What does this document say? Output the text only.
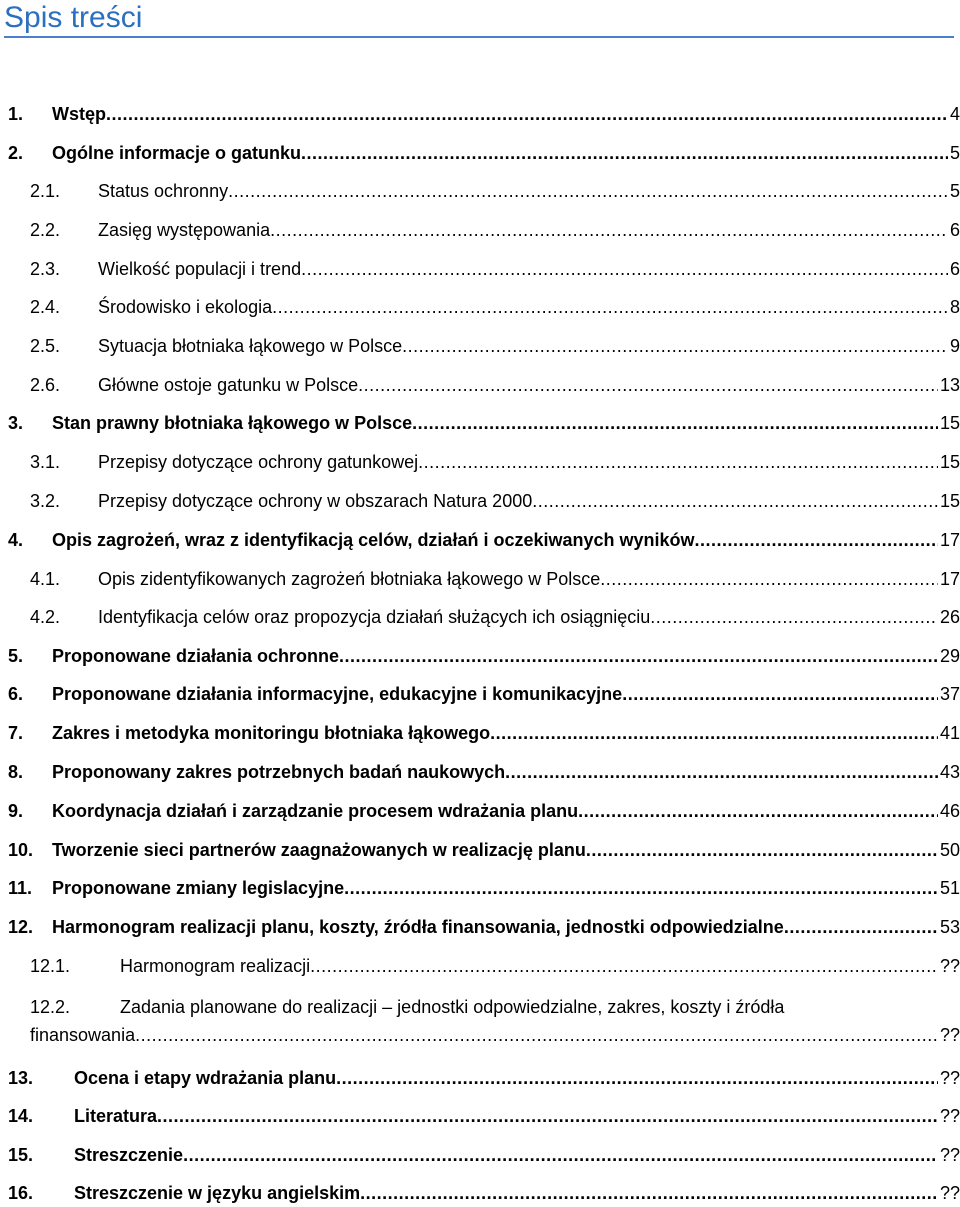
Spis treści
1. Wstęp .....	4
2. Ogólne informacje o gatunku .....	5
2.1. Status ochronny .....	5
2.2. Zasięg występowania .....	6
2.3. Wielkość populacji i trend .....	6
2.4. Środowisko i ekologia .....	8
2.5. Sytuacja błotniaka łąkowego w Polsce .....	9
2.6. Główne ostoje gatunku w Polsce .....	13
3. Stan prawny błotniaka łąkowego w Polsce .....	15
3.1. Przepisy dotyczące ochrony gatunkowej .....	15
3.2. Przepisy dotyczące ochrony w obszarach Natura 2000 .....	15
4. Opis zagrożeń, wraz z identyfikacją celów, działań i oczekiwanych wyników .....	17
4.1. Opis zidentyfikowanych zagrożeń błotniaka łąkowego w Polsce .....	17
4.2. Identyfikacja celów oraz propozycja działań służących ich osiągnięciu .....	26
5. Proponowane działania ochronne .....	29
6. Proponowane działania informacyjne, edukacyjne i komunikacyjne .....	37
7. Zakres i metodyka monitoringu błotniaka łąkowego .....	41
8. Proponowany zakres potrzebnych badań naukowych .....	43
9. Koordynacja działań i zarządzanie procesem wdrażania planu .....	46
10. Tworzenie sieci partnerów zaagnażowanych w realizację planu .....	50
11. Proponowane zmiany legislacyjne .....	51
12. Harmonogram realizacji planu, koszty, źródła finansowania, jednostki odpowiedzialne .....	53
12.1.	Harmonogram realizacji .....	??
12.2.	Zadania planowane do realizacji – jednostki odpowiedzialne, zakres, koszty i źródła
finansowania .....	??
13. Ocena i etapy wdrażania planu .....	??
14. Literatura .....	??
15. Streszczenie .....	??
16. Streszczenie w języku angielskim .....	??
